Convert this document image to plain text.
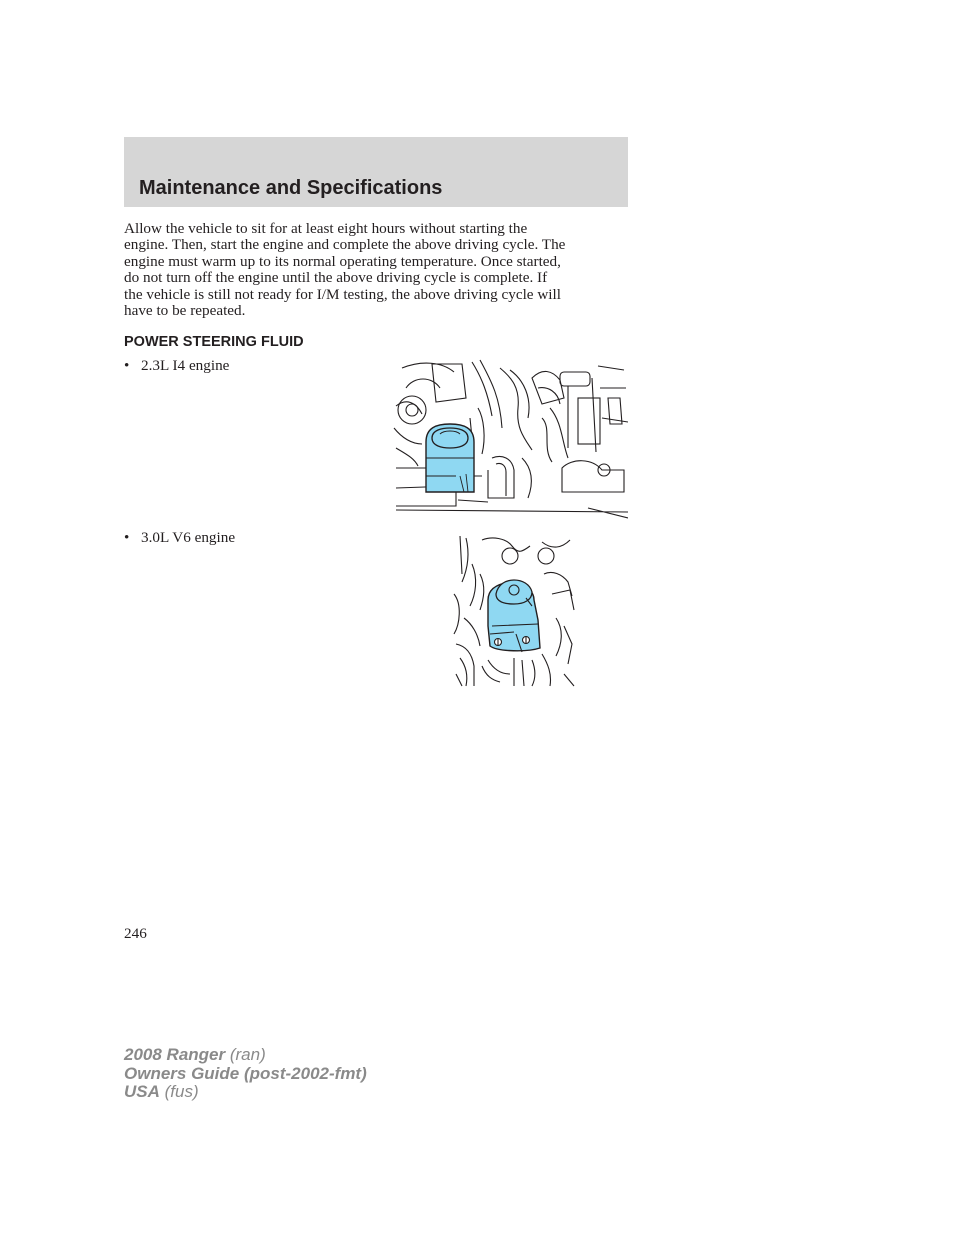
Maintenance and Specifications

Allow the vehicle to sit for at least eight hours without starting the
engine. Then, start the engine and complete the above driving cycle. The
engine must warm up to its normal operating temperature. Once started,
do not turn off the engine until the above driving cycle is complete. If
the vehicle is still not ready for I/M testing, the above driving cycle will
have to be repeated.

POWER STEERING FLUID
• 2.3L I4 engine
• 3.0L V6 engine
246
2008 Ranger (ran)
Owners Guide (post-2002-fmt)
USA (fus)
